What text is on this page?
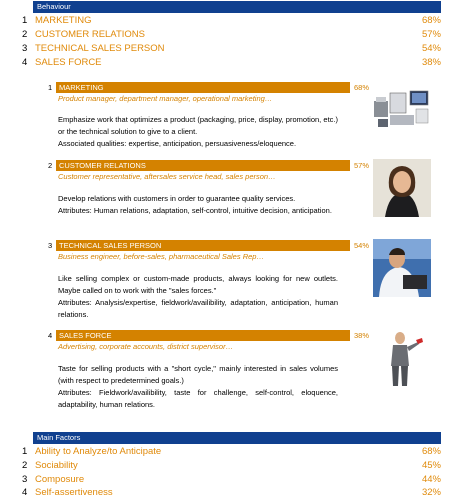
Behaviour
1 MARKETING	68%
2 CUSTOMER RELATIONS	57%
3 TECHNICAL SALES PERSON	54%
4 SALES FORCE	38%
1 MARKETING	68%
Product manager, department manager, operational marketing…

Emphasize work that optimizes a product (packaging, price, display, promotion, etc.) or the technical solution to give to a client.

Associated qualities: expertise, anticipation, persuasiveness/eloquence.

2 CUSTOMER RELATIONS	57%
Customer representative, aftersales service head, sales person…

Develop relations with customers in order to guarantee quality services.

Attributes: Human relations, adaptation, self-control, intuitive decision, anticipation.

3 TECHNICAL SALES PERSON	54%
Business engineer, before-sales, pharmaceutical Sales Rep…

Like selling complex or custom-made products, always looking for new outlets. Maybe called on to work with the "sales forces."

Attributes: Analysis/expertise, fieldwork/availibility, adaptation, anticipation, human relations.

4 SALES FORCE	38%
Advertising, corporate accounts, district supervisor…

Taste for selling products with a "short cycle," mainly interested in sales volumes (with respect to predetermined goals.)

Attributes: Fieldwork/availibility, taste for challenge, self-control, eloquence, adaptability, human relations.

Main Factors
1 Ability to Analyze/to Anticipate	68%
2 Sociability	45%
3 Composure	44%
4 Self-assertiveness	32%
